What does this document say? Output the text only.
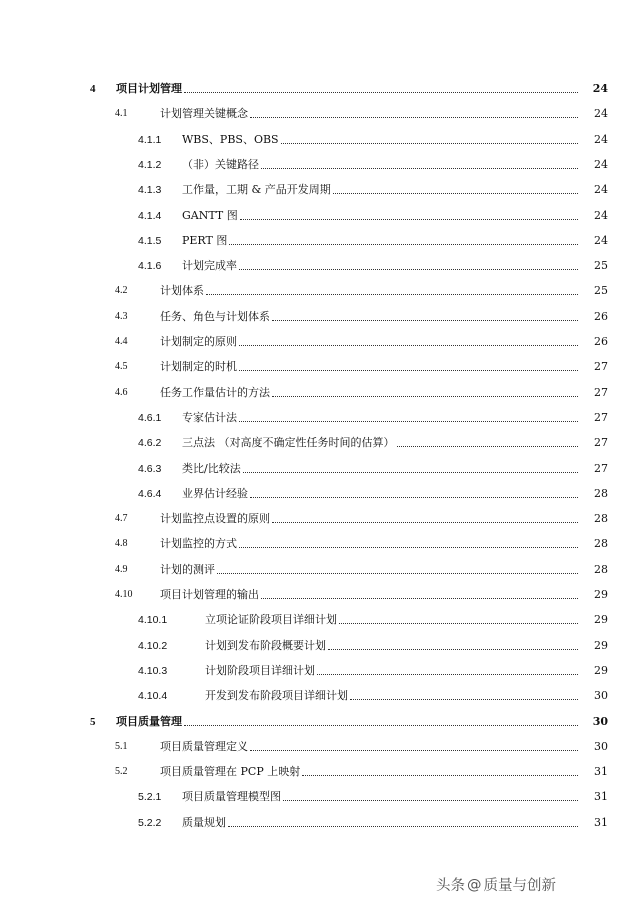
4 项目计划管理	24
4.1	计划管理关键概念	24
4.1.1 WBS、PBS、OBS	24
4.1.2 （非）关键路径	24
4.1.3 工作量，工期 & 产品开发周期	24
4.1.4 GANTT 图	24
4.1.5 PERT 图	24
4.1.6 计划完成率	25
4.2	计划体系	25
4.3	任务、角色与计划体系	26
4.4	计划制定的原则	26
4.5	计划制定的时机	27
4.6	任务工作量估计的方法	27
4.6.1 专家估计法	27
4.6.2 三点法 （对高度不确定性任务时间的估算）	27
4.6.3 类比/比较法	27
4.6.4 业界估计经验	28
4.7	计划监控点设置的原则	28
4.8	计划监控的方式	28
4.9	计划的测评	28
4.10	项目计划管理的输出	29
4.10.1	立项论证阶段项目详细计划	29
4.10.2	计划到发布阶段概要计划	29
4.10.3	计划阶段项目详细计划	29
4.10.4	开发到发布阶段项目详细计划	30
5 项目质量管理	30
5.1	项目质量管理定义	30
5.2	项目质量管理在 PCP 上映射	31
5.2.1 项目质量管理模型图	31
5.2.2 质量规划	31
头条 @ 质量与创新
